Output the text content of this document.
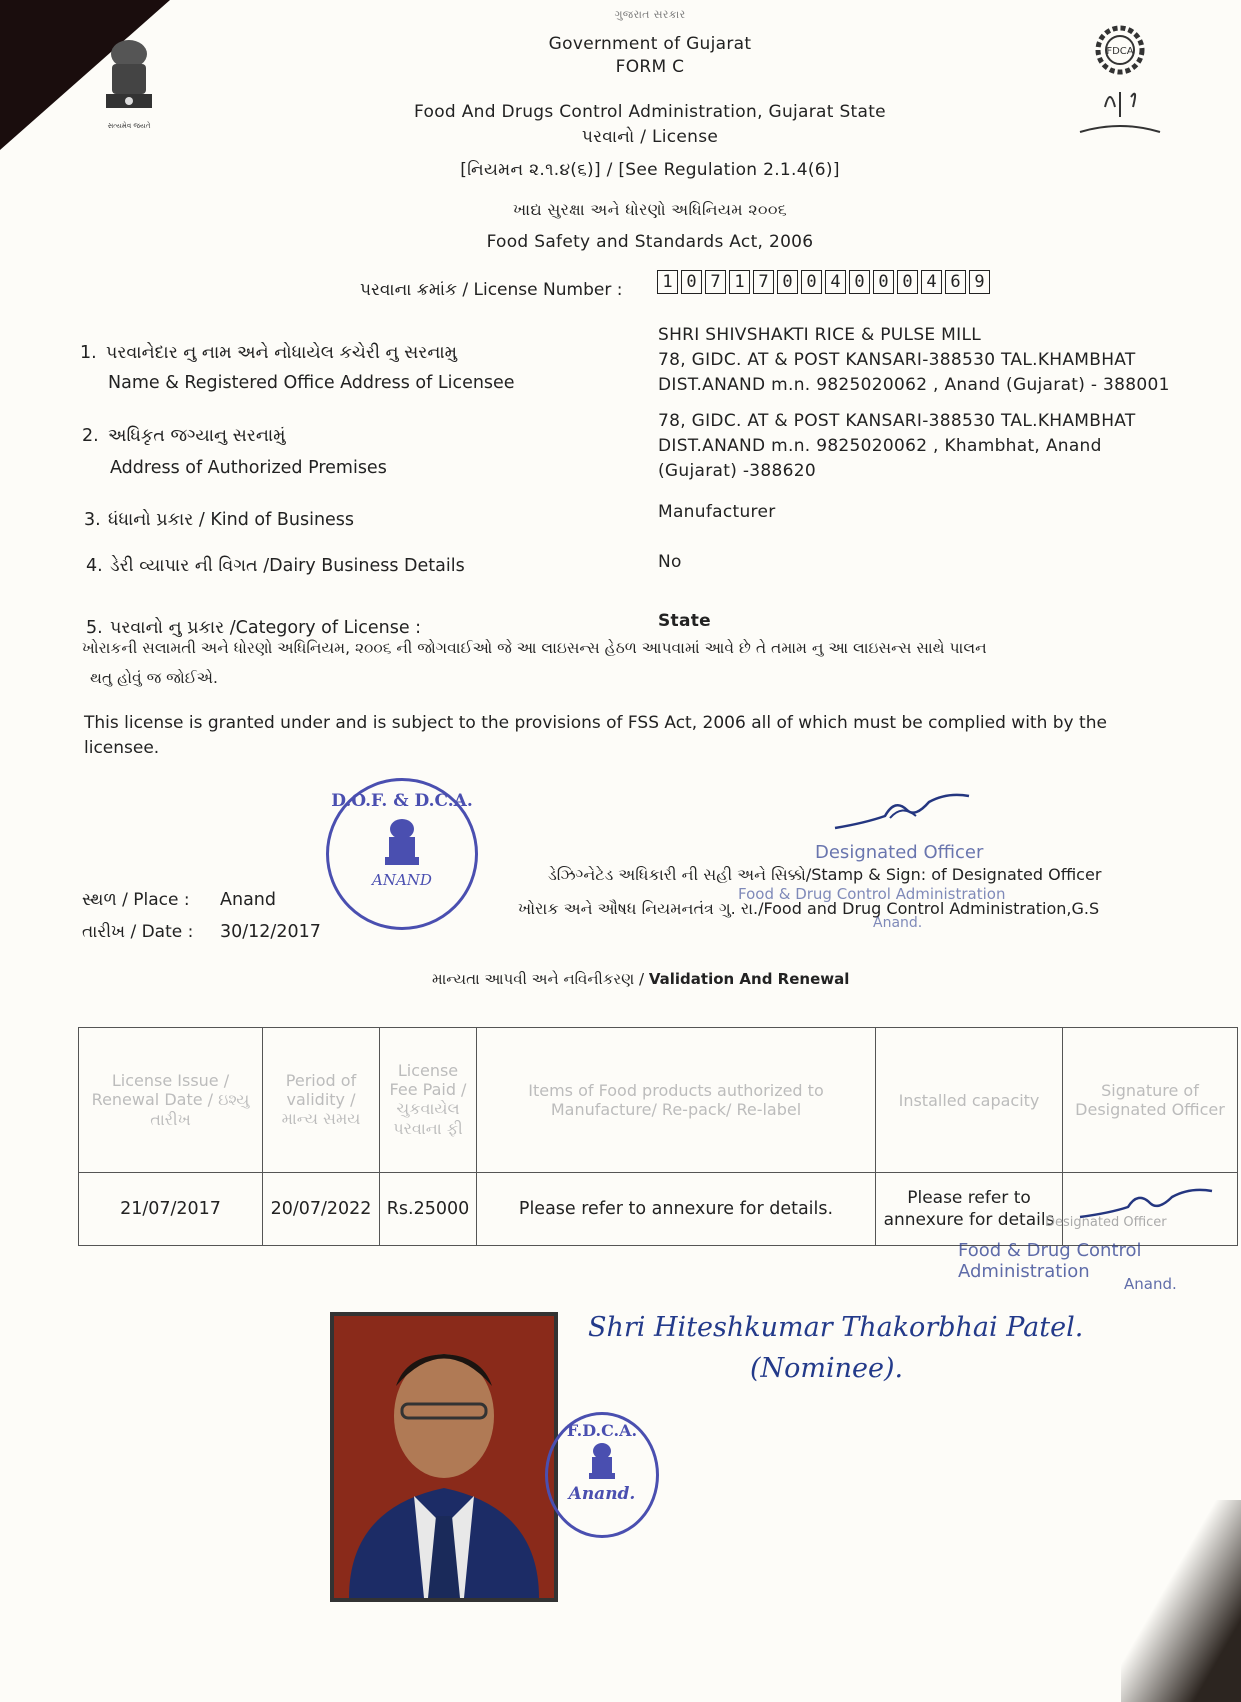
સત્યમેવ જયતે
FDCA
ગુજરાત સરકાર
Government of Gujarat
FORM C
Food And Drugs Control Administration, Gujarat State
પરવાનો / License
[નિયમન ૨.૧.૪(૬)] / [See Regulation 2.1.4(6)]
ખાદ્ય સુરક્ષા અને ધોરણો અધિનિયમ ૨૦૦૬
Food Safety and Standards Act, 2006
પરવાના ક્રમાંક / License Number :	1 0 7 1 7 0 0 4 0 0 0 4 6 9
1. પરવાનેદાર નુ નામ અને નોધાયેલ કચેરી નુ સરનામુ
Name & Registered Office Address of Licensee
SHRI SHIVSHAKTI RICE & PULSE MILL
78, GIDC. AT & POST KANSARI-388530 TAL.KHAMBHAT
DIST.ANAND m.n. 9825020062 , Anand (Gujarat) - 388001
2. અધિકૃત જગ્યાનુ સરનામું
Address of Authorized Premises
78, GIDC. AT & POST KANSARI-388530 TAL.KHAMBHAT
DIST.ANAND m.n. 9825020062 , Khambhat, Anand
(Gujarat) -388620
3. ધંધાનો પ્રકાર / Kind of Business	Manufacturer
4. ડેરી વ્યાપાર ની વિગત /Dairy Business Details	No
5. પરવાનો નુ પ્રકાર /Category of License :	State
ખોરાકની સલામતી અને ધોરણો અધિનિયમ, ૨૦૦૬ ની જોગવાઈઓ જે આ લાઇસન્સ હેઠળ આપવામાં આવે છે તે તમામ નુ આ લાઇસન્સ સાથે પાલન
થતુ હોવું જ જોઈએ.
This license is granted under and is subject to the provisions of FSS Act, 2006 all of which must be complied with by the
licensee.
D.O.F. & D.C.A.
ANAND
Designated Officer
સ્થળ / Place : Anand
તારીખ / Date : 30/12/2017
ડેઝિગ્નેટેડ અધિકારી ની સહી અને સિક્કો/Stamp & Sign: of Designated Officer
Food & Drug Control Administration
ખોરાક અને ઔષધ નિયમનતંત્ર ગુ. રા./Food and Drug Control Administration,G.S
Anand.
માન્યતા આપવી અને નવિનીકરણ / Validation And Renewal
License Issue / Renewal Date / ઇશ્યુ તારીખ	Period of validity / માન્ય સમય	License Fee Paid / ચુકવાયેલ પરવાના ફી	Items of Food products authorized to Manufacture/ Re-pack/ Re-label	Installed capacity	Signature of Designated Officer
21/07/2017	20/07/2022	Rs.25000	Please refer to annexure for details.	Please refer to annexure for details	
Designated Officer
Food & Drug Control Administration
Anand.
F.D.C.A.
Anand.
Shri Hiteshkumar Thakorbhai Patel.
(Nominee).
